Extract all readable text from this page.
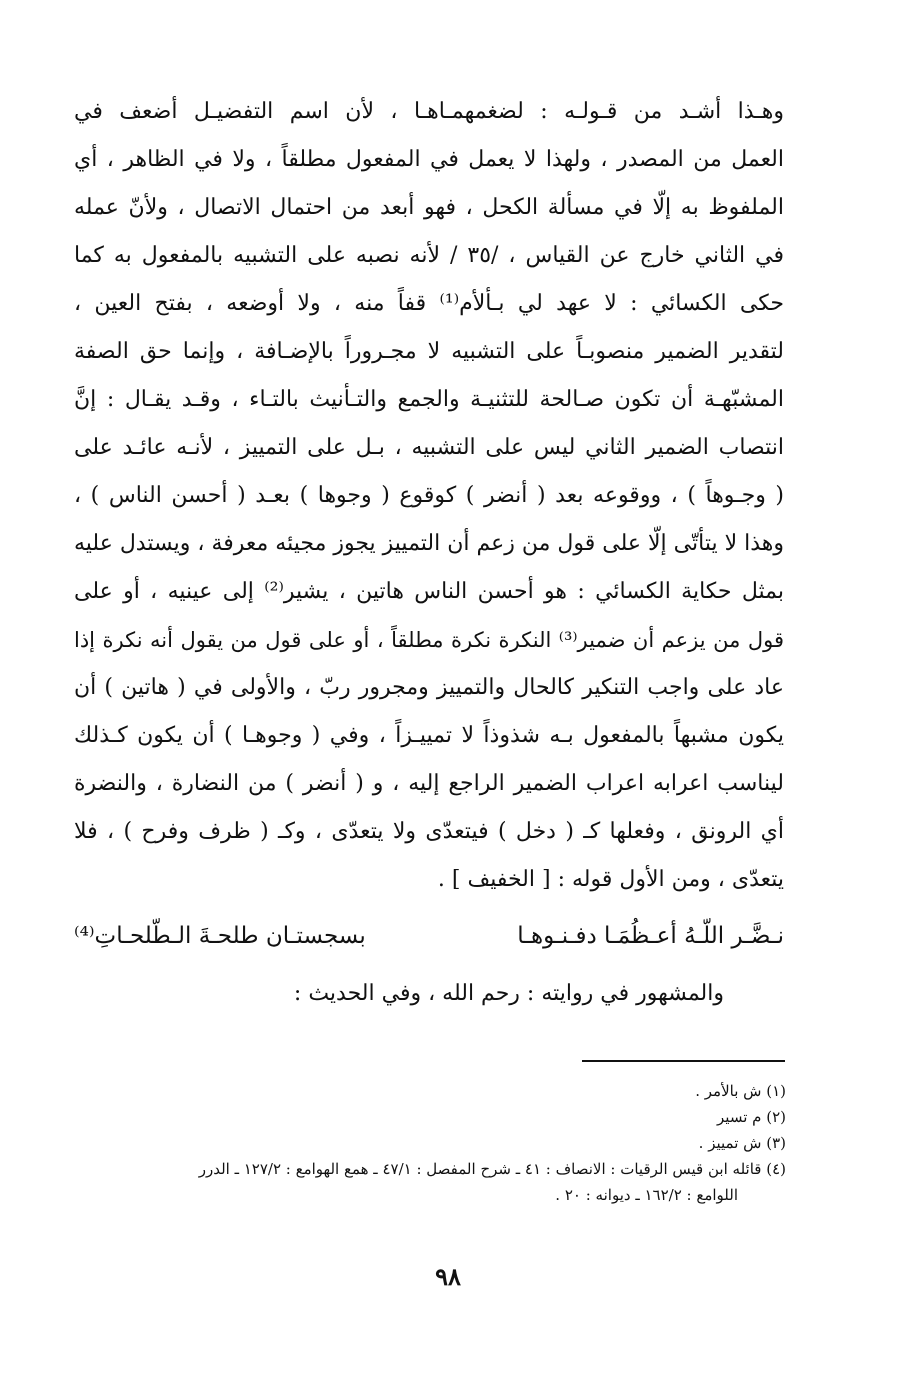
وهـذا أشـد من قـولـه : لضغمهمـاهـا ، لأن اسم التفضيـل أضعف في
العمل من المصدر ، ولهذا لا يعمل في المفعول مطلقاً ، ولا في الظاهر ، أي
الملفوظ به إلّا في مسألة الكحل ، فهو أبعد من احتمال الاتصال ، ولأنّ عمله
في الثاني خارج عن القياس ، /٣٥ / لأنه نصبه على التشبيه بالمفعول به كما
حكى الكسائي : لا عهد لي بـألأم⁽¹⁾ قفاً منه ، ولا أوضعه ، بفتح العين ،
لتقدير الضمير منصوبـاً على التشبيه لا مجـروراً بالإضـافة ، وإنما حق الصفة
المشبّهـة أن تكون صـالحة للتثنيـة والجمع والتـأنيث بالتـاء ، وقـد يقـال : إنَّ
انتصاب الضمير الثاني ليس على التشبيه ، بـل على التمييز ، لأنـه عائـد على
( وجـوهاً ) ، ووقوعه بعد ( أنضر ) كوقوع ( وجوها ) بعـد ( أحسن الناس ) ،
وهذا لا يتأتّى إلّا على قول من زعم أن التمييز يجوز مجيئه معرفة ، ويستدل عليه
بمثل حكاية الكسائي : هو أحسن الناس هاتين ، يشير⁽²⁾ إلى عينيه ، أو على
قول من يزعم أن ضمير⁽³⁾ النكرة نكرة مطلقاً ، أو على قول من يقول أنه نكرة إذا
عاد على واجب التنكير كالحال والتمييز ومجرور ربّ ، والأولى في ( هاتين ) أن
يكون مشبهاً بالمفعول بـه شذوذاً لا تمييـزاً ، وفي ( وجوهـا ) أن يكون كـذلك
ليناسب اعرابه اعراب الضمير الراجع إليه ، و ( أنضر ) من النضارة ، والنضرة
أي الرونق ، وفعلها كـ ( دخل ) فيتعدّى ولا يتعدّى ، وكـ ( ظرف وفرح ) ، فلا
يتعدّى ، ومن الأول قوله : [ الخفيف ] .
نـضَّـر اللّـهُ أعـظُمَـا دفـنـوهـا
بسجستـان طلحـةَ الـطّلحـاتِ⁽⁴⁾
والمشهور في روايته : رحم الله ، وفي الحديث :
(١) ش بالأمر .
(٢) م تسير
(٣) ش تمييز .
(٤) قائله ابن قيس الرقيات : الانصاف : ٤١ ـ شرح المفصل : ٤٧/١ ـ همع الهوامع : ١٢٧/٢ ـ الدرر
اللوامع : ١٦٢/٢ ـ ديوانه : ٢٠ .
٩٨
